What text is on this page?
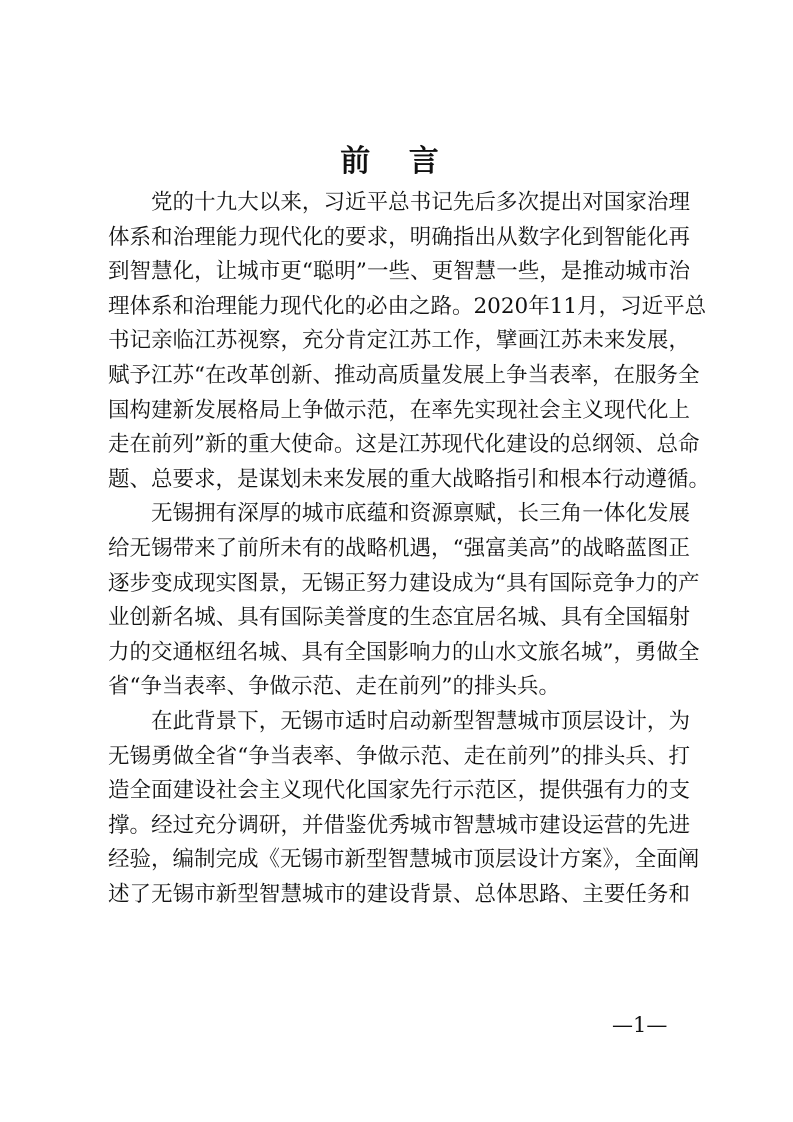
前 言
党的十九大以来，习近平总书记先后多次提出对国家治理
体系和治理能力现代化的要求，明确指出从数字化到智能化再
到智慧化，让城市更“聪明”一些、更智慧一些，是推动城市治
理体系和治理能力现代化的必由之路。2020年11月，习近平总
书记亲临江苏视察，充分肯定江苏工作，擘画江苏未来发展，
赋予江苏“在改革创新、推动高质量发展上争当表率，在服务全
国构建新发展格局上争做示范，在率先实现社会主义现代化上
走在前列”新的重大使命。这是江苏现代化建设的总纲领、总命
题、总要求，是谋划未来发展的重大战略指引和根本行动遵循。
无锡拥有深厚的城市底蕴和资源禀赋，长三角一体化发展
给无锡带来了前所未有的战略机遇，“强富美高”的战略蓝图正
逐步变成现实图景，无锡正努力建设成为“具有国际竞争力的产
业创新名城、具有国际美誉度的生态宜居名城、具有全国辐射
力的交通枢纽名城、具有全国影响力的山水文旅名城”，勇做全
省“争当表率、争做示范、走在前列”的排头兵。
在此背景下，无锡市适时启动新型智慧城市顶层设计，为
无锡勇做全省“争当表率、争做示范、走在前列”的排头兵、打
造全面建设社会主义现代化国家先行示范区，提供强有力的支
撑。经过充分调研，并借鉴优秀城市智慧城市建设运营的先进
经验，编制完成《无锡市新型智慧城市顶层设计方案》，全面阐
述了无锡市新型智慧城市的建设背景、总体思路、主要任务和
—1—
